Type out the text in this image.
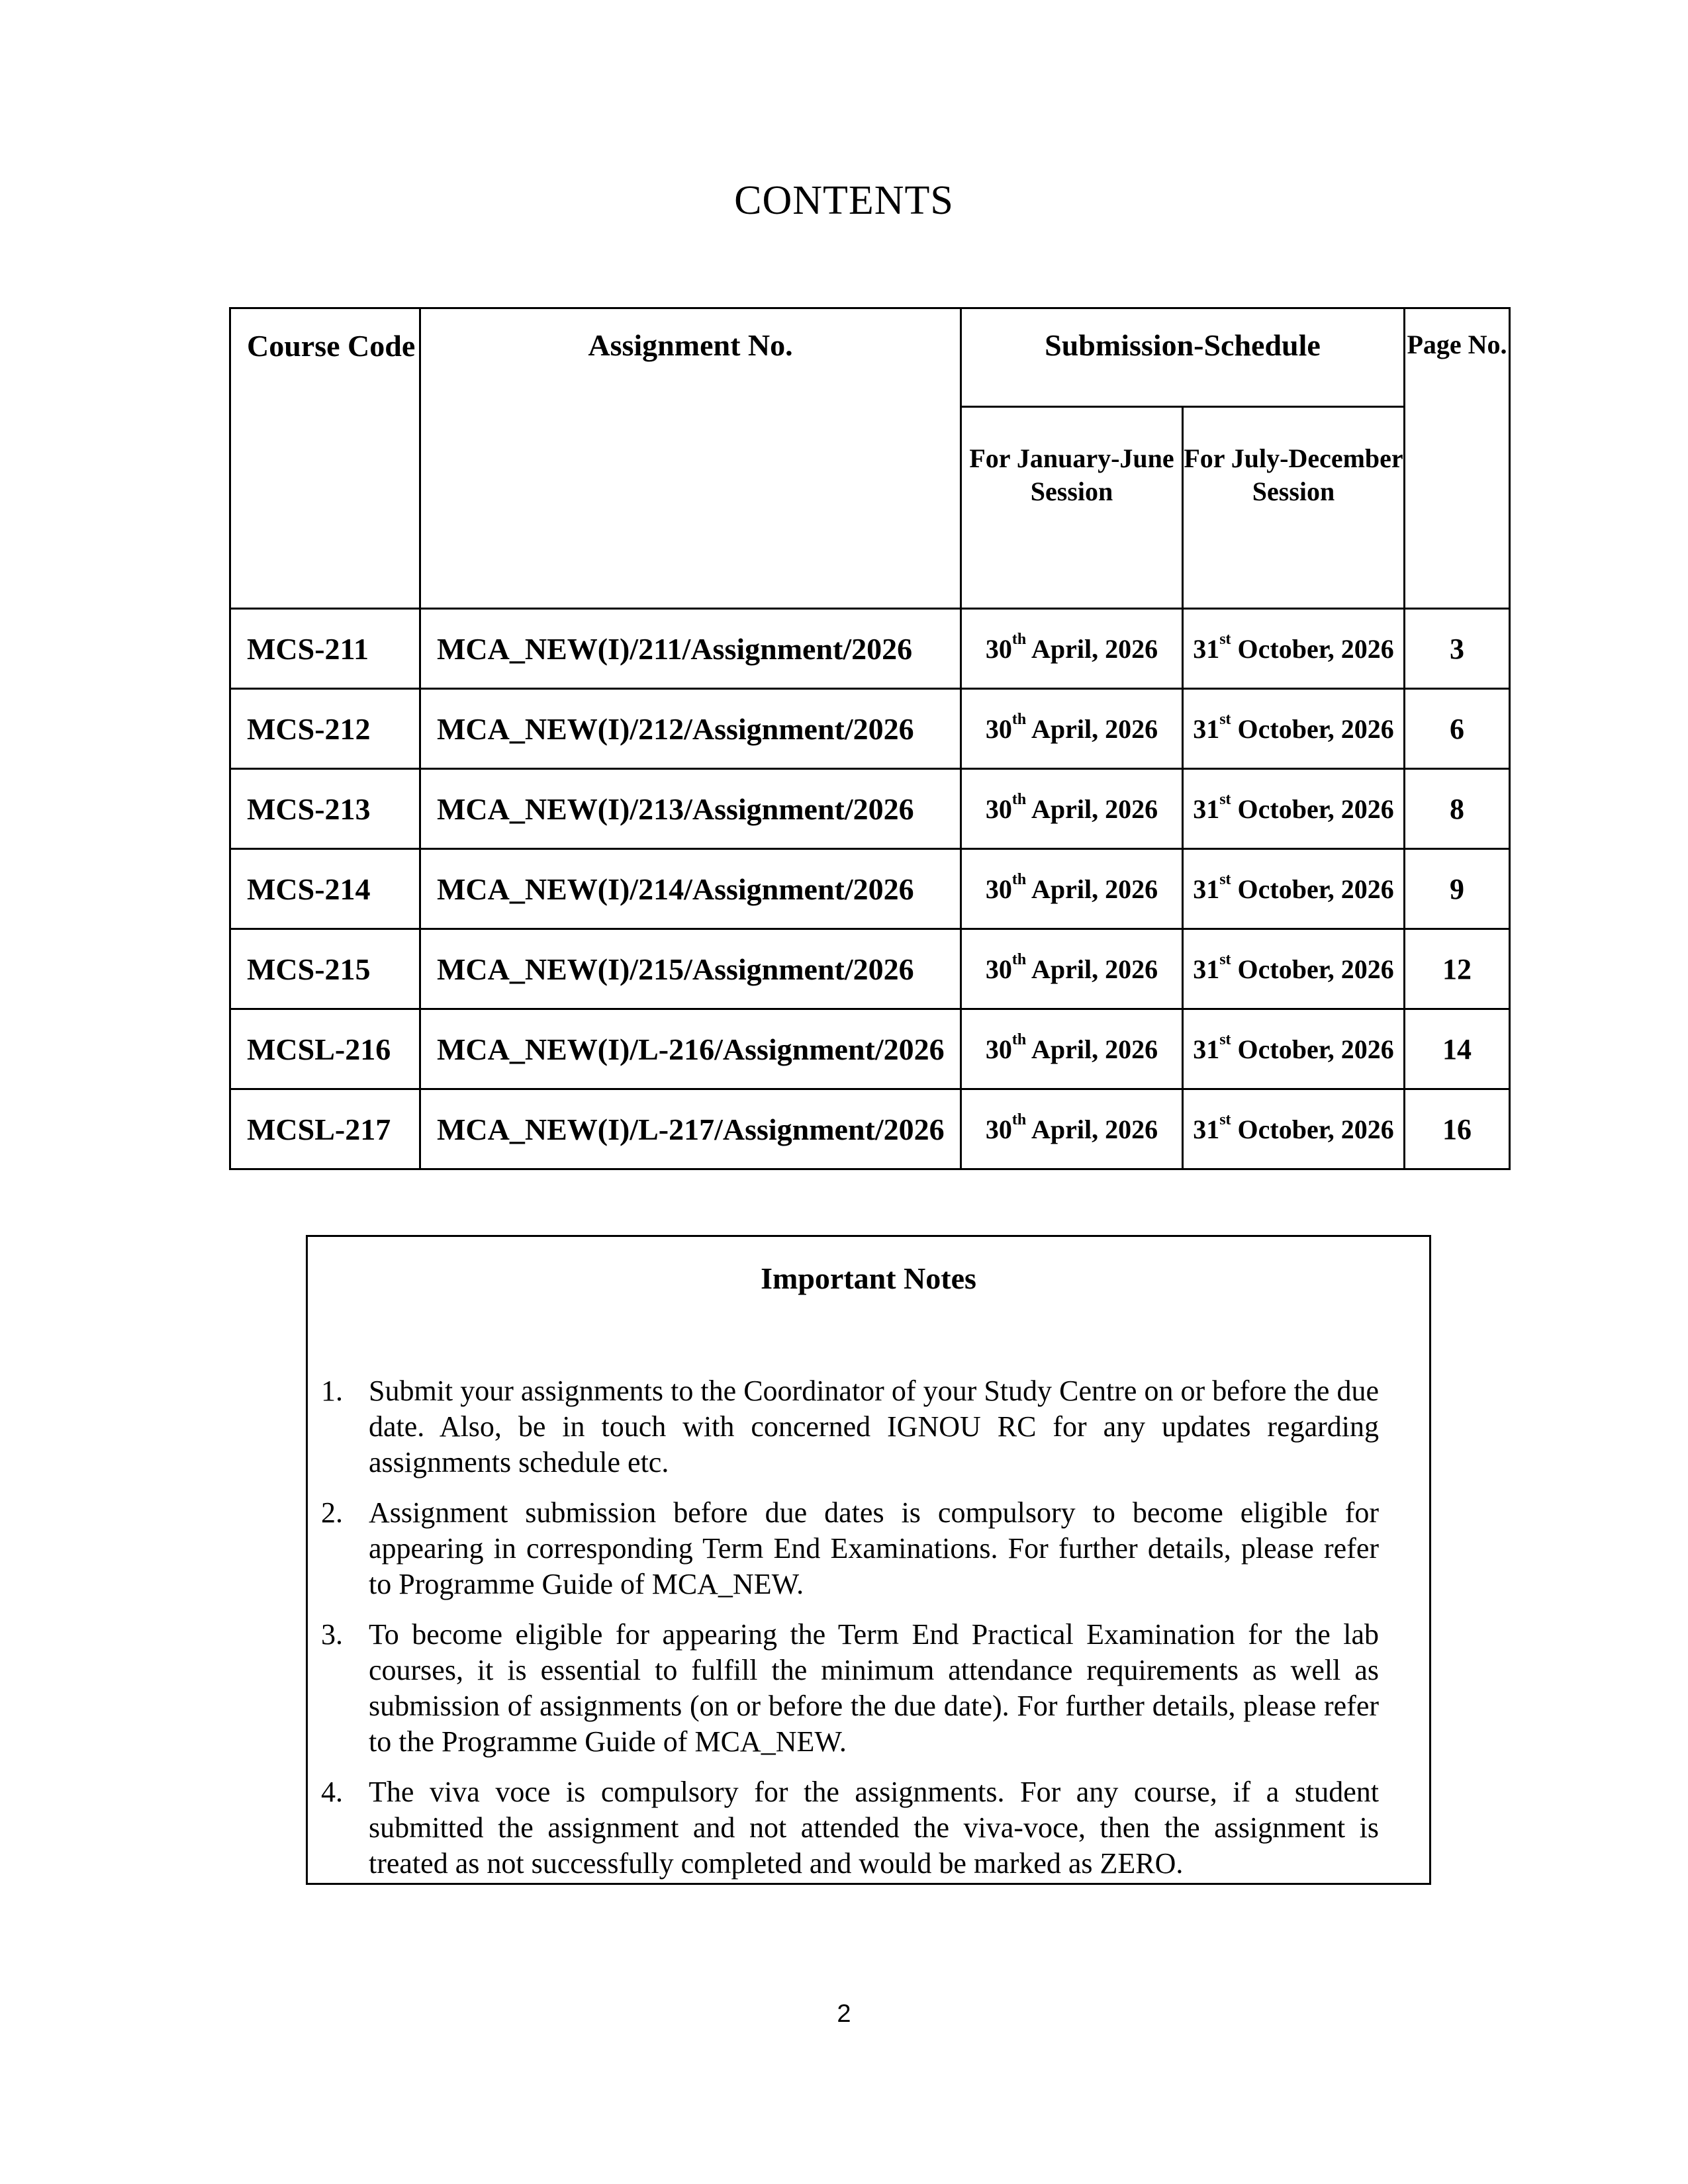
CONTENTS
Course Code	Assignment No.	Submission-Schedule		Page No.
		For January-June Session	For July-December Session	
MCS-211	MCA_NEW(I)/211/Assignment/2026	30th April, 2026	31st October, 2026	3
MCS-212	MCA_NEW(I)/212/Assignment/2026	30th April, 2026	31st October, 2026	6
MCS-213	MCA_NEW(I)/213/Assignment/2026	30th April, 2026	31st October, 2026	8
MCS-214	MCA_NEW(I)/214/Assignment/2026	30th April, 2026	31st October, 2026	9
MCS-215	MCA_NEW(I)/215/Assignment/2026	30th April, 2026	31st October, 2026	12
MCSL-216	MCA_NEW(I)/L-216/Assignment/2026	30th April, 2026	31st October, 2026	14
MCSL-217	MCA_NEW(I)/L-217/Assignment/2026	30th April, 2026	31st October, 2026	16
Important Notes
1. Submit your assignments to the Coordinator of your Study Centre on or before the due date. Also, be in touch with concerned IGNOU RC for any updates regarding assignments schedule etc.
2. Assignment submission before due dates is compulsory to become eligible for appearing in corresponding Term End Examinations. For further details, please refer to Programme Guide of MCA_NEW.
3. To become eligible for appearing the Term End Practical Examination for the lab courses, it is essential to fulfill the minimum attendance requirements as well as submission of assignments (on or before the due date). For further details, please refer to the Programme Guide of MCA_NEW.
4. The viva voce is compulsory for the assignments. For any course, if a student submitted the assignment and not attended the viva-voce, then the assignment is treated as not successfully completed and would be marked as ZERO.
2
